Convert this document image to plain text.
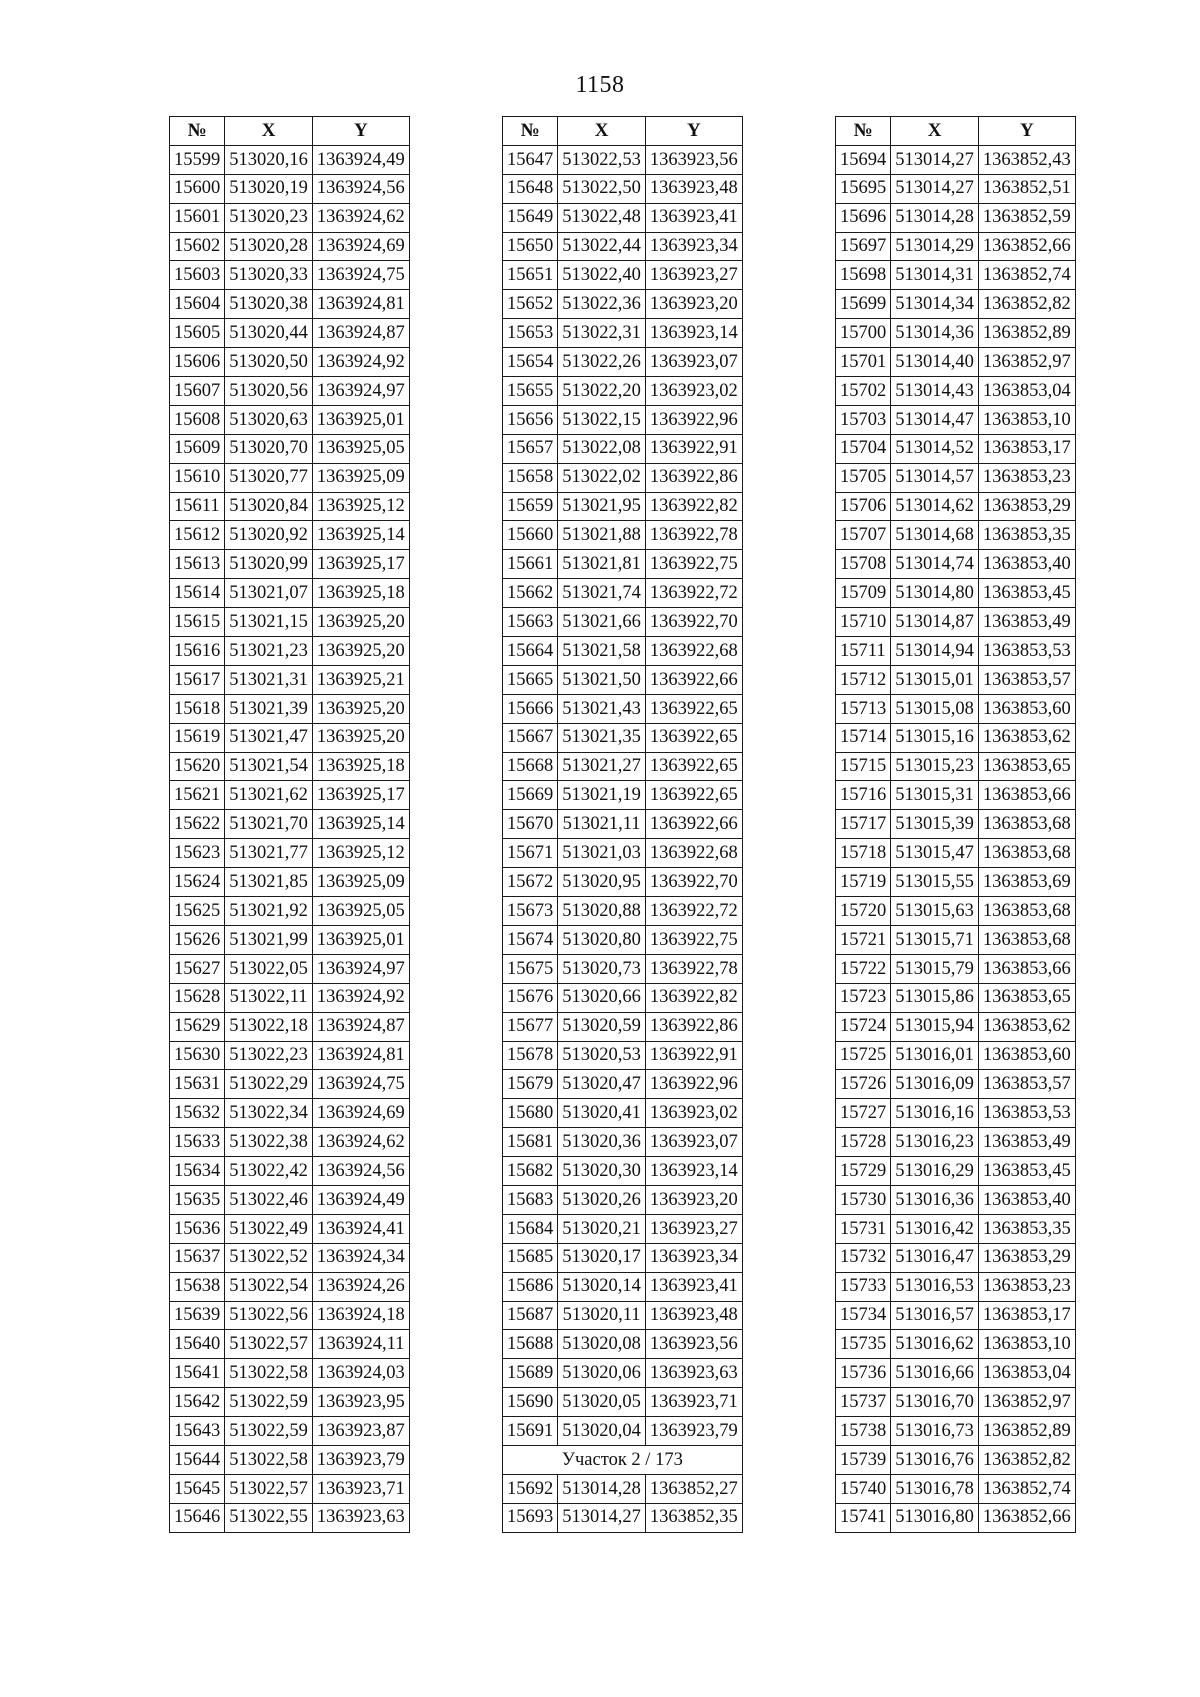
1158
№	X	Y
15599	513020,16	1363924,49
15600	513020,19	1363924,56
15601	513020,23	1363924,62
15602	513020,28	1363924,69
15603	513020,33	1363924,75
15604	513020,38	1363924,81
15605	513020,44	1363924,87
15606	513020,50	1363924,92
15607	513020,56	1363924,97
15608	513020,63	1363925,01
15609	513020,70	1363925,05
15610	513020,77	1363925,09
15611	513020,84	1363925,12
15612	513020,92	1363925,14
15613	513020,99	1363925,17
15614	513021,07	1363925,18
15615	513021,15	1363925,20
15616	513021,23	1363925,20
15617	513021,31	1363925,21
15618	513021,39	1363925,20
15619	513021,47	1363925,20
15620	513021,54	1363925,18
15621	513021,62	1363925,17
15622	513021,70	1363925,14
15623	513021,77	1363925,12
15624	513021,85	1363925,09
15625	513021,92	1363925,05
15626	513021,99	1363925,01
15627	513022,05	1363924,97
15628	513022,11	1363924,92
15629	513022,18	1363924,87
15630	513022,23	1363924,81
15631	513022,29	1363924,75
15632	513022,34	1363924,69
15633	513022,38	1363924,62
15634	513022,42	1363924,56
15635	513022,46	1363924,49
15636	513022,49	1363924,41
15637	513022,52	1363924,34
15638	513022,54	1363924,26
15639	513022,56	1363924,18
15640	513022,57	1363924,11
15641	513022,58	1363924,03
15642	513022,59	1363923,95
15643	513022,59	1363923,87
15644	513022,58	1363923,79
15645	513022,57	1363923,71
15646	513022,55	1363923,63
№	X	Y
15647	513022,53	1363923,56
15648	513022,50	1363923,48
15649	513022,48	1363923,41
15650	513022,44	1363923,34
15651	513022,40	1363923,27
15652	513022,36	1363923,20
15653	513022,31	1363923,14
15654	513022,26	1363923,07
15655	513022,20	1363923,02
15656	513022,15	1363922,96
15657	513022,08	1363922,91
15658	513022,02	1363922,86
15659	513021,95	1363922,82
15660	513021,88	1363922,78
15661	513021,81	1363922,75
15662	513021,74	1363922,72
15663	513021,66	1363922,70
15664	513021,58	1363922,68
15665	513021,50	1363922,66
15666	513021,43	1363922,65
15667	513021,35	1363922,65
15668	513021,27	1363922,65
15669	513021,19	1363922,65
15670	513021,11	1363922,66
15671	513021,03	1363922,68
15672	513020,95	1363922,70
15673	513020,88	1363922,72
15674	513020,80	1363922,75
15675	513020,73	1363922,78
15676	513020,66	1363922,82
15677	513020,59	1363922,86
15678	513020,53	1363922,91
15679	513020,47	1363922,96
15680	513020,41	1363923,02
15681	513020,36	1363923,07
15682	513020,30	1363923,14
15683	513020,26	1363923,20
15684	513020,21	1363923,27
15685	513020,17	1363923,34
15686	513020,14	1363923,41
15687	513020,11	1363923,48
15688	513020,08	1363923,56
15689	513020,06	1363923,63
15690	513020,05	1363923,71
15691	513020,04	1363923,79
Участок 2 / 173		
15692	513014,28	1363852,27
15693	513014,27	1363852,35
№	X	Y
15694	513014,27	1363852,43
15695	513014,27	1363852,51
15696	513014,28	1363852,59
15697	513014,29	1363852,66
15698	513014,31	1363852,74
15699	513014,34	1363852,82
15700	513014,36	1363852,89
15701	513014,40	1363852,97
15702	513014,43	1363853,04
15703	513014,47	1363853,10
15704	513014,52	1363853,17
15705	513014,57	1363853,23
15706	513014,62	1363853,29
15707	513014,68	1363853,35
15708	513014,74	1363853,40
15709	513014,80	1363853,45
15710	513014,87	1363853,49
15711	513014,94	1363853,53
15712	513015,01	1363853,57
15713	513015,08	1363853,60
15714	513015,16	1363853,62
15715	513015,23	1363853,65
15716	513015,31	1363853,66
15717	513015,39	1363853,68
15718	513015,47	1363853,68
15719	513015,55	1363853,69
15720	513015,63	1363853,68
15721	513015,71	1363853,68
15722	513015,79	1363853,66
15723	513015,86	1363853,65
15724	513015,94	1363853,62
15725	513016,01	1363853,60
15726	513016,09	1363853,57
15727	513016,16	1363853,53
15728	513016,23	1363853,49
15729	513016,29	1363853,45
15730	513016,36	1363853,40
15731	513016,42	1363853,35
15732	513016,47	1363853,29
15733	513016,53	1363853,23
15734	513016,57	1363853,17
15735	513016,62	1363853,10
15736	513016,66	1363853,04
15737	513016,70	1363852,97
15738	513016,73	1363852,89
15739	513016,76	1363852,82
15740	513016,78	1363852,74
15741	513016,80	1363852,66
